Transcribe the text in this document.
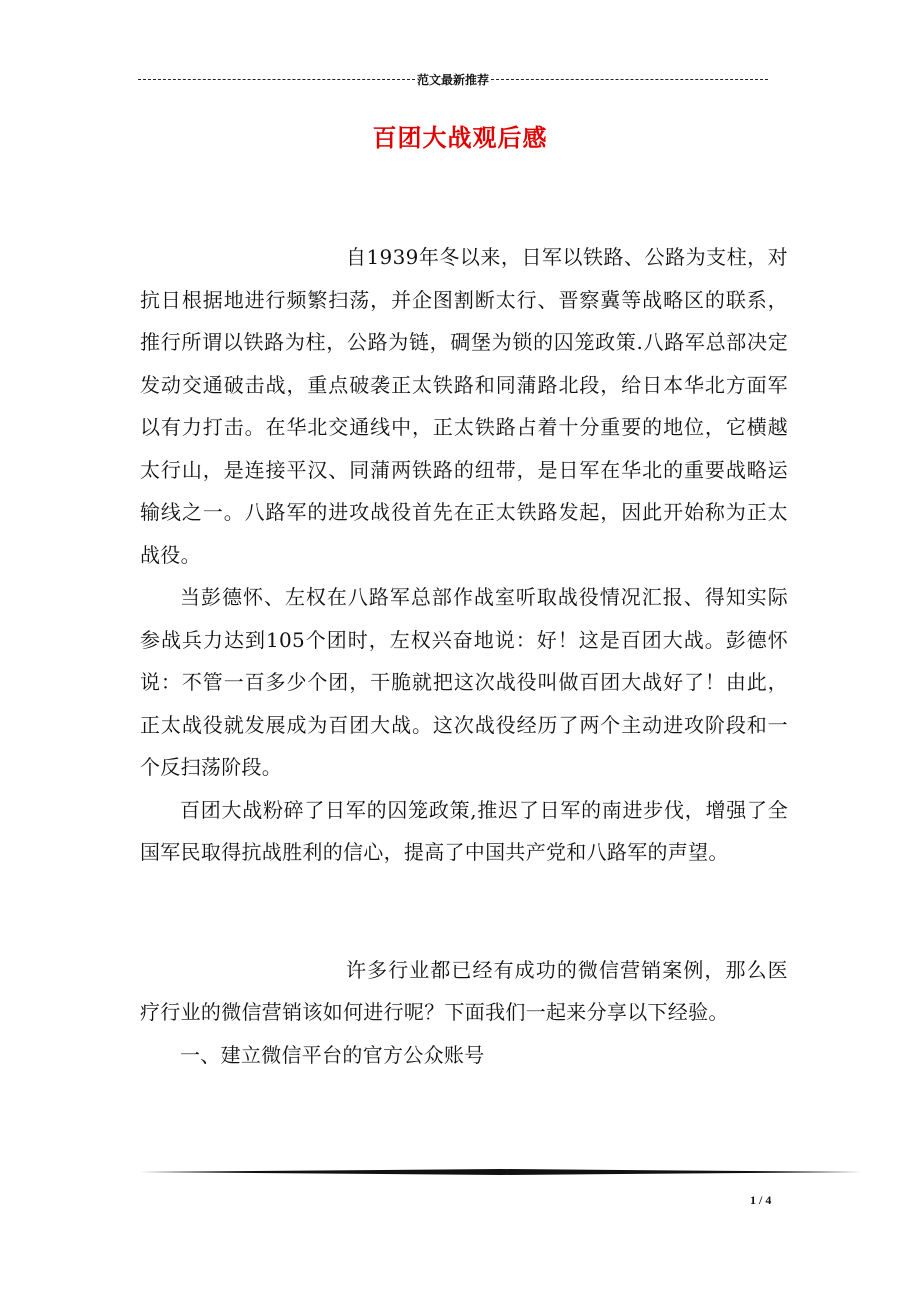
范文最新推荐
百团大战观后感

自1939年冬以来，日军以铁路、公路为支柱，对抗日根据地进行频繁扫荡，并企图割断太行、晋察冀等战略区的联系，推行所谓以铁路为柱，公路为链，碉堡为锁的囚笼政策.八路军总部决定发动交通破击战，重点破袭正太铁路和同蒲路北段，给日本华北方面军以有力打击。在华北交通线中，正太铁路占着十分重要的地位，它横越太行山，是连接平汉、同蒲两铁路的纽带，是日军在华北的重要战略运输线之一。八路军的进攻战役首先在正太铁路发起，因此开始称为正太战役。

当彭德怀、左权在八路军总部作战室听取战役情况汇报、得知实际参战兵力达到105个团时，左权兴奋地说：好！这是百团大战。彭德怀说：不管一百多少个团，干脆就把这次战役叫做百团大战好了！由此，正太战役就发展成为百团大战。这次战役经历了两个主动进攻阶段和一个反扫荡阶段。

百团大战粉碎了日军的囚笼政策,推迟了日军的南进步伐，增强了全国军民取得抗战胜利的信心，提高了中国共产党和八路军的声望。

许多行业都已经有成功的微信营销案例，那么医疗行业的微信营销该如何进行呢？下面我们一起来分享以下经验。

一、建立微信平台的官方公众账号

1 / 4
